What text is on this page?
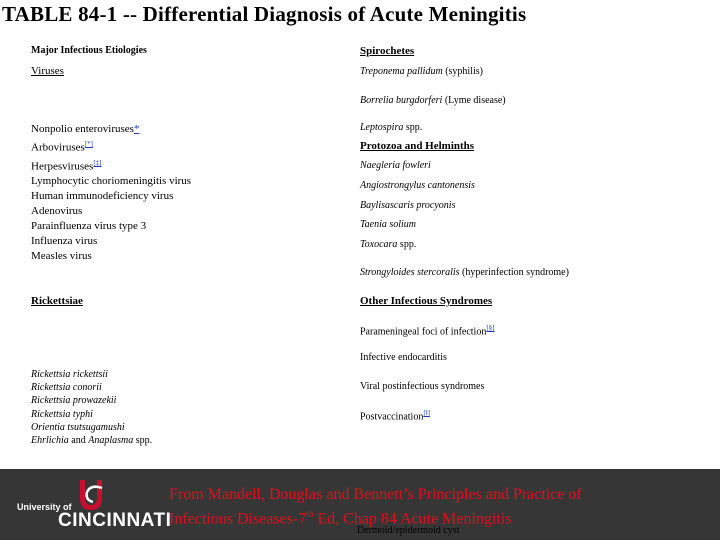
TABLE 84-1 -- Differential Diagnosis of Acute Meningitis
Major Infectious Etiologies
Viruses
Nonpolio enteroviruses*
Arboviruses[*]
Herpesviruses[‡]
Lymphocytic choriomeningitis virus
Human immunodeficiency virus
Adenovirus
Parainfluenza virus type 3
Influenza virus
Measles virus
Rickettsiae
Rickettsia rickettsii
Rickettsia conorii
Rickettsia prowazekii
Rickettsia typhi
Orientia tsutsugamushi
Ehrlichia and Anaplasma spp.
Spirochetes
Treponema pallidum (syphilis)
Borrelia burgdorferi (Lyme disease)
Leptospira spp.
Protozoa and Helminths
Naegleria fowleri
Angiostrongylus cantonensis
Baylisascaris procyonis
Taenia solium
Toxocara spp.
Strongyloides stercoralis (hyperinfection syndrome)
Other Infectious Syndromes
Parameningeal foci of infection[§]
Infective endocarditis
Viral postinfectious syndromes
Postvaccination[‖]
University of
CINCINNATI
From Mandell, Douglas and Bennett’s Principles and Practice of
Infectious Diseases-7th Ed, Chap 84 Acute Meningitis
Dermoid/epidermoid cyst
